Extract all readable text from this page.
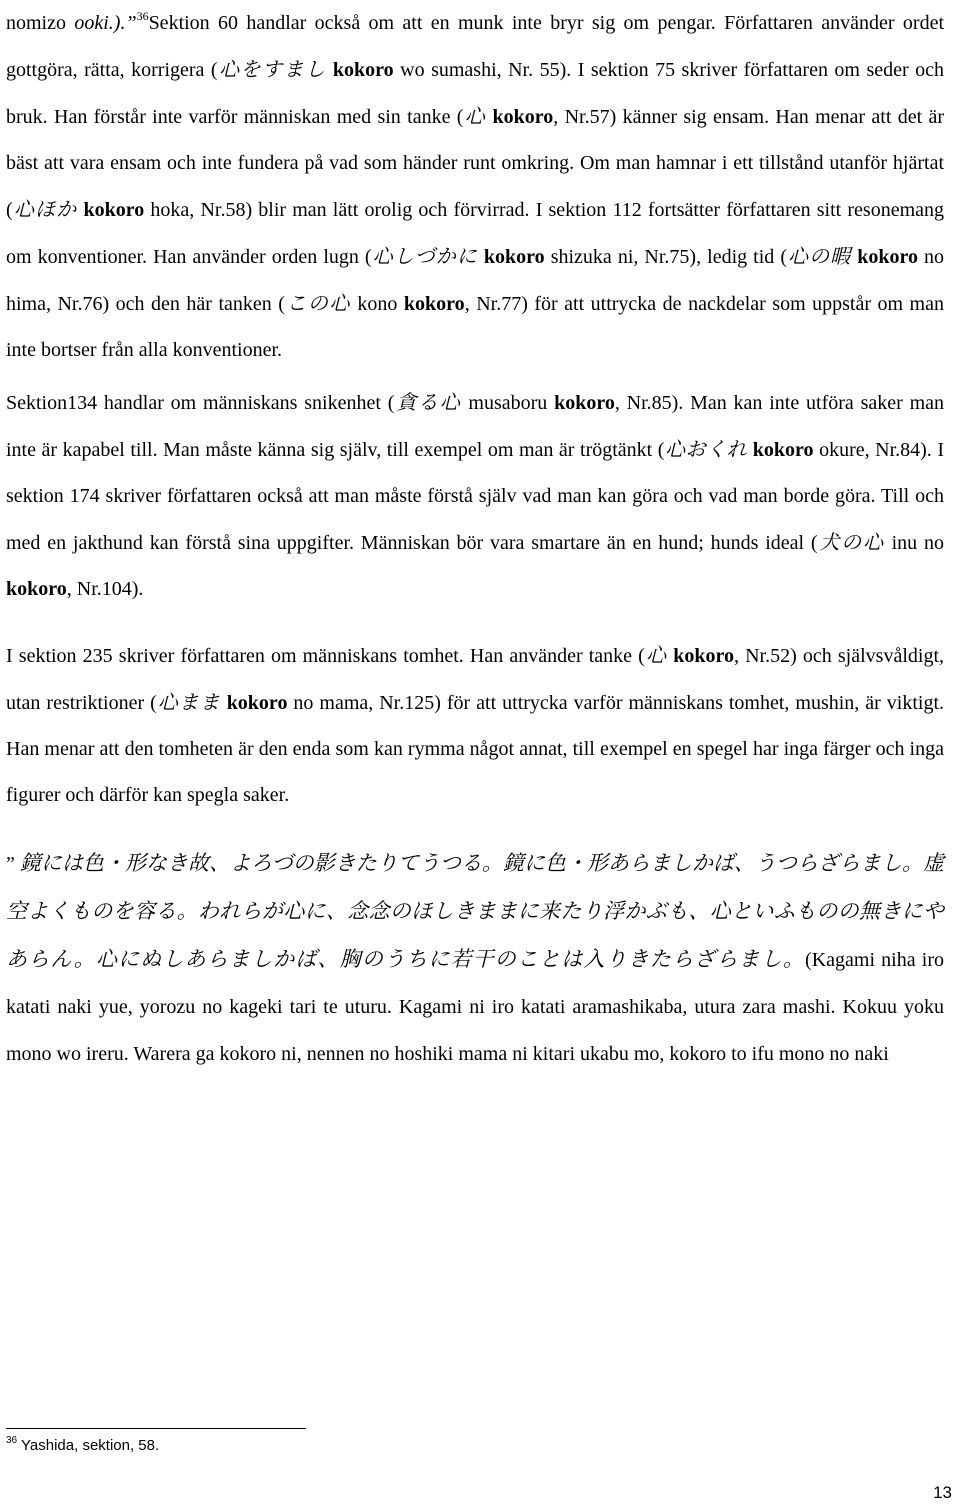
nomizo ooki.).”$^{36}$Sektion 60 handlar också om att en munk inte bryr sig om pengar. Författaren använder ordet gottgöra, rätta, korrigera (心をすまし kokoro wo sumashi, Nr. 55). I sektion 75 skriver författaren om seder och bruk. Han förstår inte varför människan med sin tanke (心 kokoro, Nr.57) känner sig ensam. Han menar att det är bäst att vara ensam och inte fundera på vad som händer runt omkring. Om man hamnar i ett tillstånd utanför hjärtat (心ほか kokoro hoka, Nr.58) blir man lätt orolig och förvirrad. I sektion 112 fortsätter författaren sitt resonemang om konventioner. Han använder orden lugn (心しづかに kokoro shizuka ni, Nr.75), ledig tid (心の暇 kokoro no hima, Nr.76) och den här tanken (この心 kono kokoro, Nr.77) för att uttrycka de nackdelar som uppstår om man inte bortser från alla konventioner.

Sektion134 handlar om människans snikenhet (貪る心 musaboru kokoro, Nr.85). Man kan inte utföra saker man inte är kapabel till. Man måste känna sig själv, till exempel om man är trögtänkt (心おくれ kokoro okure, Nr.84). I sektion 174 skriver författaren också att man måste förstå själv vad man kan göra och vad man borde göra. Till och med en jakthund kan förstå sina uppgifter. Människan bör vara smartare än en hund; hunds ideal (犬の心 inu no kokoro, Nr.104).

I sektion 235 skriver författaren om människans tomhet. Han använder tanke (心 kokoro, Nr.52) och självsvåldigt, utan restriktioner (心まま kokoro no mama, Nr.125) för att uttrycka varför människans tomhet, mushin, är viktigt. Han menar att den tomheten är den enda som kan rymma något annat, till exempel en spegel har inga färger och inga figurer och därför kan spegla saker.

” 鏡には色・形なき故、よろづの影きたりてうつる。鏡に色・形あらましかば、うつらざらまし。虚空よくものを容る。われらが心に、念念のほしきままに来たり浮かぶも、心といふものの無きにやあらん。心にぬしあらましかば、胸のうちに若干のことは入りきたらざらまし。(Kagami niha iro katati naki yue, yorozu no kageki tari te uturu. Kagami ni iro katati aramashikaba, utura zara mashi. Kokuu yoku mono wo ireru. Warera ga kokoro ni, nennen no hoshiki mama ni kitari ukabu mo, kokoro to ifu mono no naki

$^{36}$ Yashida, sektion, 58.

13
